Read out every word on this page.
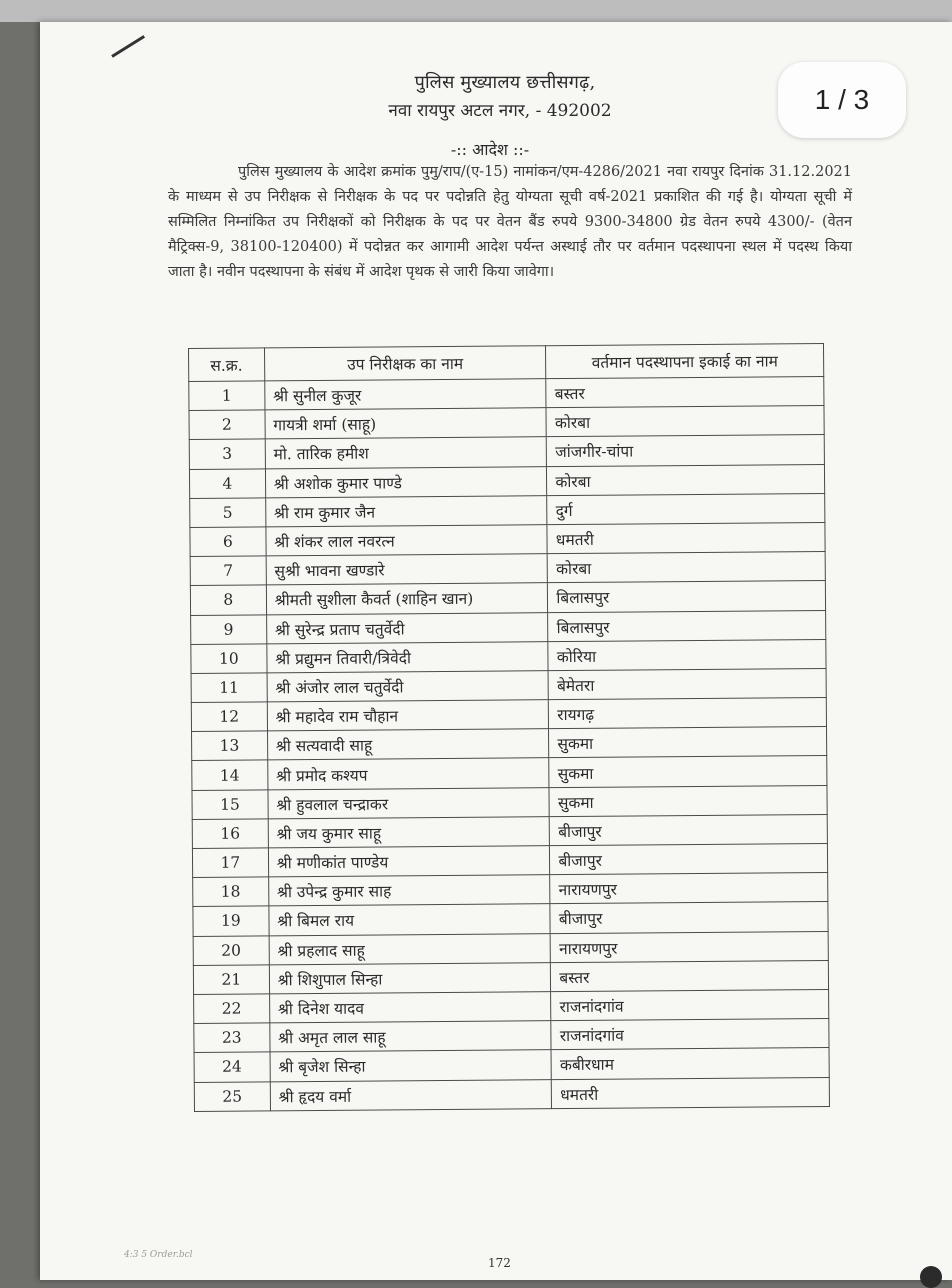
पुलिस मुख्यालय छत्तीसगढ़,
नवा रायपुर अटल नगर, - 492002	1 / 3
-:: आदेश ::-
पुलिस मुख्यालय के आदेश क्रमांक पुमु/राप/(ए-15) नामांकन/एम-4286/2021 नवा रायपुर दिनांक 31.12.2021 के माध्यम से उप निरीक्षक से निरीक्षक के पद पर पदोन्नति हेतु योग्यता सूची वर्ष-2021 प्रकाशित की गई है। योग्यता सूची में सम्मिलित निम्नांकित उप निरीक्षकों को निरीक्षक के पद पर वेतन बैंड रुपये 9300-34800 ग्रेड वेतन रुपये 4300/- (वेतन मैट्रिक्स-9, 38100-120400) में पदोन्नत कर आगामी आदेश पर्यन्त अस्थाई तौर पर वर्तमान पदस्थापना स्थल में पदस्थ किया जाता है। नवीन पदस्थापना के संबंध में आदेश पृथक से जारी किया जावेगा।
स.क्र.	उप निरीक्षक का नाम	वर्तमान पदस्थापना इकाई का नाम
1	श्री सुनील कुजूर	बस्तर
2	गायत्री शर्मा (साहू)	कोरबा
3	मो. तारिक हमीश	जांजगीर-चांपा
4	श्री अशोक कुमार पाण्डे	कोरबा
5	श्री राम कुमार जैन	दुर्ग
6	श्री शंकर लाल नवरत्न	धमतरी
7	सुश्री भावना खण्डारे	कोरबा
8	श्रीमती सुशीला कैवर्त (शाहिन खान)	बिलासपुर
9	श्री सुरेन्द्र प्रताप चतुर्वेदी	बिलासपुर
10	श्री प्रद्युमन तिवारी/त्रिवेदी	कोरिया
11	श्री अंजोर लाल चतुर्वेदी	बेमेतरा
12	श्री महादेव राम चौहान	रायगढ़
13	श्री सत्यवादी साहू	सुकमा
14	श्री प्रमोद कश्यप	सुकमा
15	श्री हुवलाल चन्द्राकर	सुकमा
16	श्री जय कुमार साहू	बीजापुर
17	श्री मणीकांत पाण्डेय	बीजापुर
18	श्री उपेन्द्र कुमार साह	नारायणपुर
19	श्री बिमल राय	बीजापुर
20	श्री प्रहलाद साहू	नारायणपुर
21	श्री शिशुपाल सिन्हा	बस्तर
22	श्री दिनेश यादव	राजनांदगांव
23	श्री अमृत लाल साहू	राजनांदगांव
24	श्री बृजेश सिन्हा	कबीरधाम
25	श्री हृदय वर्मा	धमतरी
4:3 5 Order.bcl
172
